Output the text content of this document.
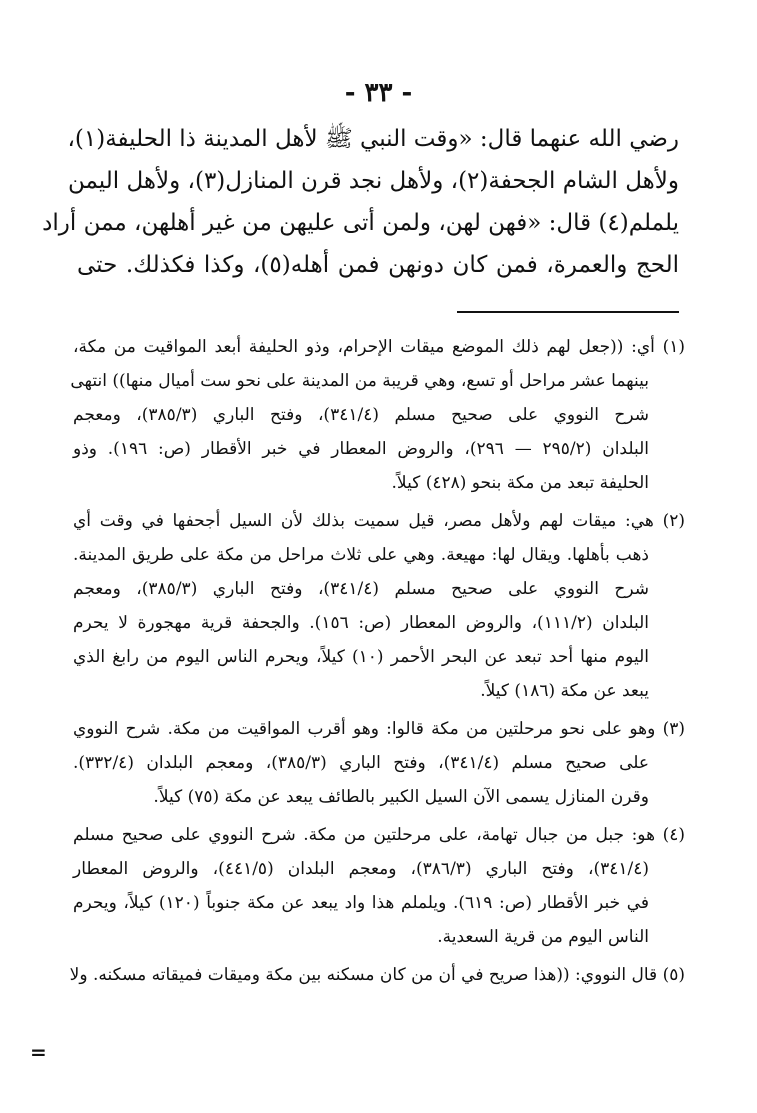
- ٣٣ -
رضي الله عنهما قال: «وقت النبي ﷺ لأهل المدينة ذا الحليفة(١)،
ولأهل الشام الجحفة(٢)، ولأهل نجد قرن المنازل(٣)، ولأهل اليمن
يلملم(٤) قال: «فهن لهن، ولمن أتى عليهن من غير أهلهن، ممن أراد
الحج والعمرة، فمن كان دونهن فمن أهله(٥)، وكذا فكذلك. حتى
(١) أي: ((جعل لهم ذلك الموضع ميقات الإحرام، وذو الحليفة أبعد المواقيت من مكة،
بينهما عشر مراحل أو تسع، وهي قريبة من المدينة على نحو ست أميال منها)) انتهى
شرح النووي على صحيح مسلم (٣٤١/٤)، وفتح الباري (٣٨٥/٣)، ومعجم
البلدان (٢٩٥/٢ — ٢٩٦)، والروض المعطار في خبر الأقطار (ص: ١٩٦). وذو
الحليفة تبعد من مكة بنحو (٤٢٨) كيلاً.
(٢) هي: ميقات لهم ولأهل مصر، قيل سميت بذلك لأن السيل أجحفها في وقت أي
ذهب بأهلها. ويقال لها: مهيعة. وهي على ثلاث مراحل من مكة على طريق المدينة.
شرح النووي على صحيح مسلم (٣٤١/٤)، وفتح الباري (٣٨٥/٣)، ومعجم
البلدان (١١١/٢)، والروض المعطار (ص: ١٥٦). والجحفة قرية مهجورة لا يحرم
اليوم منها أحد تبعد عن البحر الأحمر (١٠) كيلاً، ويحرم الناس اليوم من رابغ الذي
يبعد عن مكة (١٨٦) كيلاً.
(٣) وهو على نحو مرحلتين من مكة قالوا: وهو أقرب المواقيت من مكة. شرح النووي
على صحيح مسلم (٣٤١/٤)، وفتح الباري (٣٨٥/٣)، ومعجم البلدان (٣٣٢/٤).
وقرن المنازل يسمى الآن السيل الكبير بالطائف يبعد عن مكة (٧٥) كيلاً.
(٤) هو: جبل من جبال تهامة، على مرحلتين من مكة. شرح النووي على صحيح مسلم
(٣٤١/٤)، وفتح الباري (٣٨٦/٣)، ومعجم البلدان (٤٤١/٥)، والروض المعطار
في خبر الأقطار (ص: ٦١٩). ويلملم هذا واد يبعد عن مكة جنوباً (١٢٠) كيلاً، ويحرم
الناس اليوم من قرية السعدية.
(٥) قال النووي: ((هذا صريح في أن من كان مسكنه بين مكة وميقات فميقاته مسكنه. ولا
=
